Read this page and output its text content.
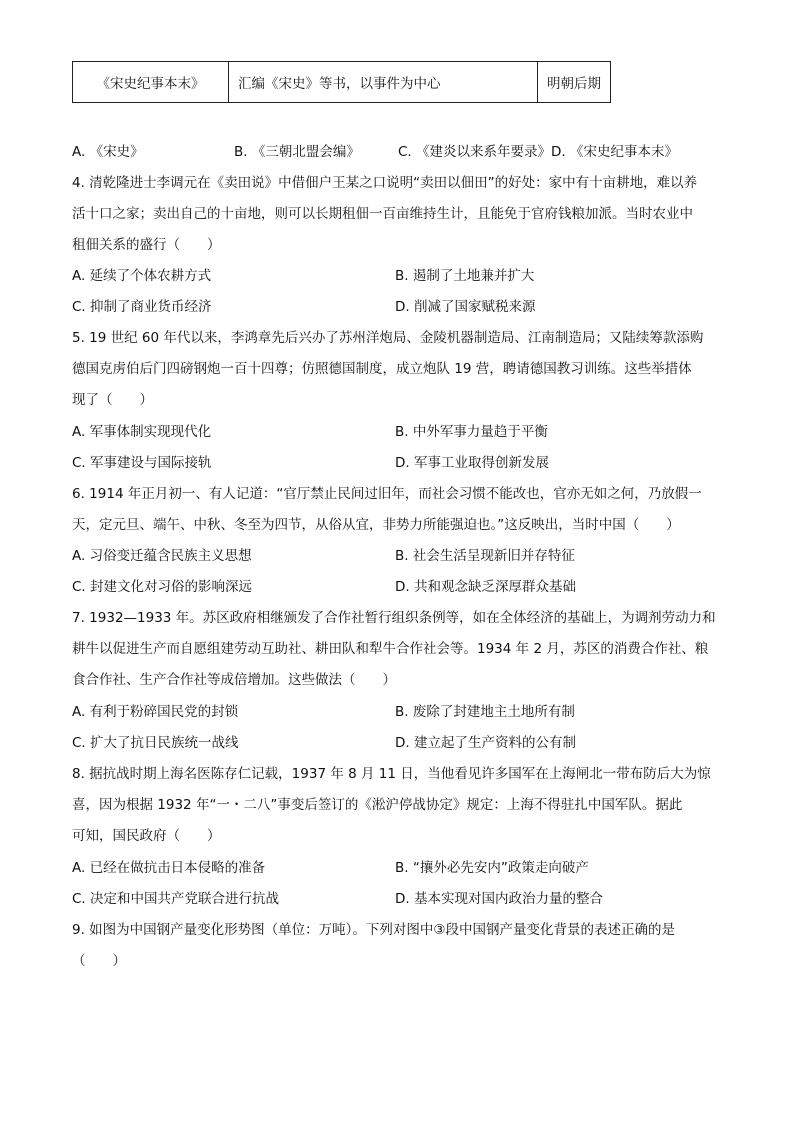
《宋史纪事本末》	汇编《宋史》等书，以事件为中心	明朝后期
A. 《宋史》	B. 《三朝北盟会编》	C. 《建炎以来系年要录》 D. 《宋史纪事本末》
4. 清乾隆进士李调元在《卖田说》中借佃户王某之口说明“卖田以佃田”的好处：家中有十亩耕地，难以养
活十口之家；卖出自己的十亩地，则可以长期租佃一百亩维持生计，且能免于官府钱粮加派。当时农业中
租佃关系的盛行（　　）
A. 延续了个体农耕方式	B. 遏制了土地兼并扩大
C. 抑制了商业货币经济	D. 削减了国家赋税来源
5. 19 世纪 60 年代以来，李鸿章先后兴办了苏州洋炮局、金陵机器制造局、江南制造局；又陆续筹款添购
德国克虏伯后门四磅钢炮一百十四尊；仿照德国制度，成立炮队 19 营，聘请德国教习训练。这些举措体
现了（　　）
A. 军事体制实现现代化	B. 中外军事力量趋于平衡
C. 军事建设与国际接轨	D. 军事工业取得创新发展
6. 1914 年正月初一、有人记道：“官厅禁止民间过旧年，而社会习惯不能改也，官亦无如之何，乃放假一
天，定元旦、端午、中秋、冬至为四节，从俗从宜，非势力所能强迫也。”这反映出，当时中国（　　）
A. 习俗变迁蕴含民族主义思想	B. 社会生活呈现新旧并存特征
C. 封建文化对习俗的影响深远	D. 共和观念缺乏深厚群众基础
7. 1932—1933 年。苏区政府相继颁发了合作社暂行组织条例等，如在全体经济的基础上，为调剂劳动力和
耕牛以促进生产而自愿组建劳动互助社、耕田队和犁牛合作社会等。1934 年 2 月，苏区的消费合作社、粮
食合作社、生产合作社等成倍增加。这些做法（　　）
A. 有利于粉碎国民党的封锁	B. 废除了封建地主土地所有制
C. 扩大了抗日民族统一战线	D. 建立起了生产资料的公有制
8. 据抗战时期上海名医陈存仁记载，1937 年 8 月 11 日，当他看见许多国军在上海闸北一带布防后大为惊
喜，因为根据 1932 年“一・二八”事变后签订的《淞沪停战协定》规定：上海不得驻扎中国军队。据此
可知，国民政府（　　）
A. 已经在做抗击日本侵略的准备	B. “攘外必先安内”政策走向破产
C. 决定和中国共产党联合进行抗战	D. 基本实现对国内政治力量的整合
9. 如图为中国钢产量变化形势图（单位：万吨）。下列对图中③段中国钢产量变化背景的表述正确的是
（　　）
